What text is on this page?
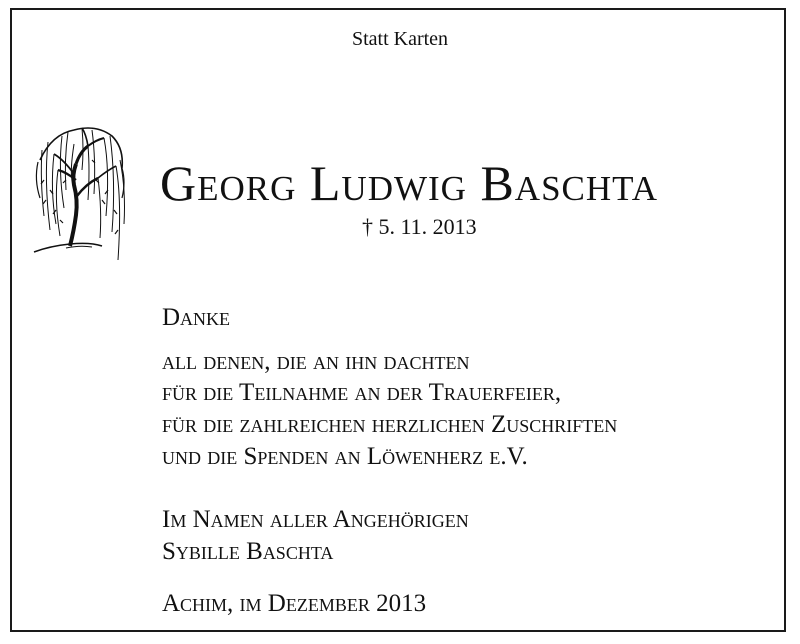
Statt Karten
Georg Ludwig Baschta
† 5. 11. 2013
Danke
all denen, die an ihn dachten
für die Teilnahme an der Trauerfeier,
für die zahlreichen herzlichen Zuschriften
und die Spenden an Löwenherz e.V.
Im Namen aller Angehörigen
Sybille Baschta
Achim, im Dezember 2013
